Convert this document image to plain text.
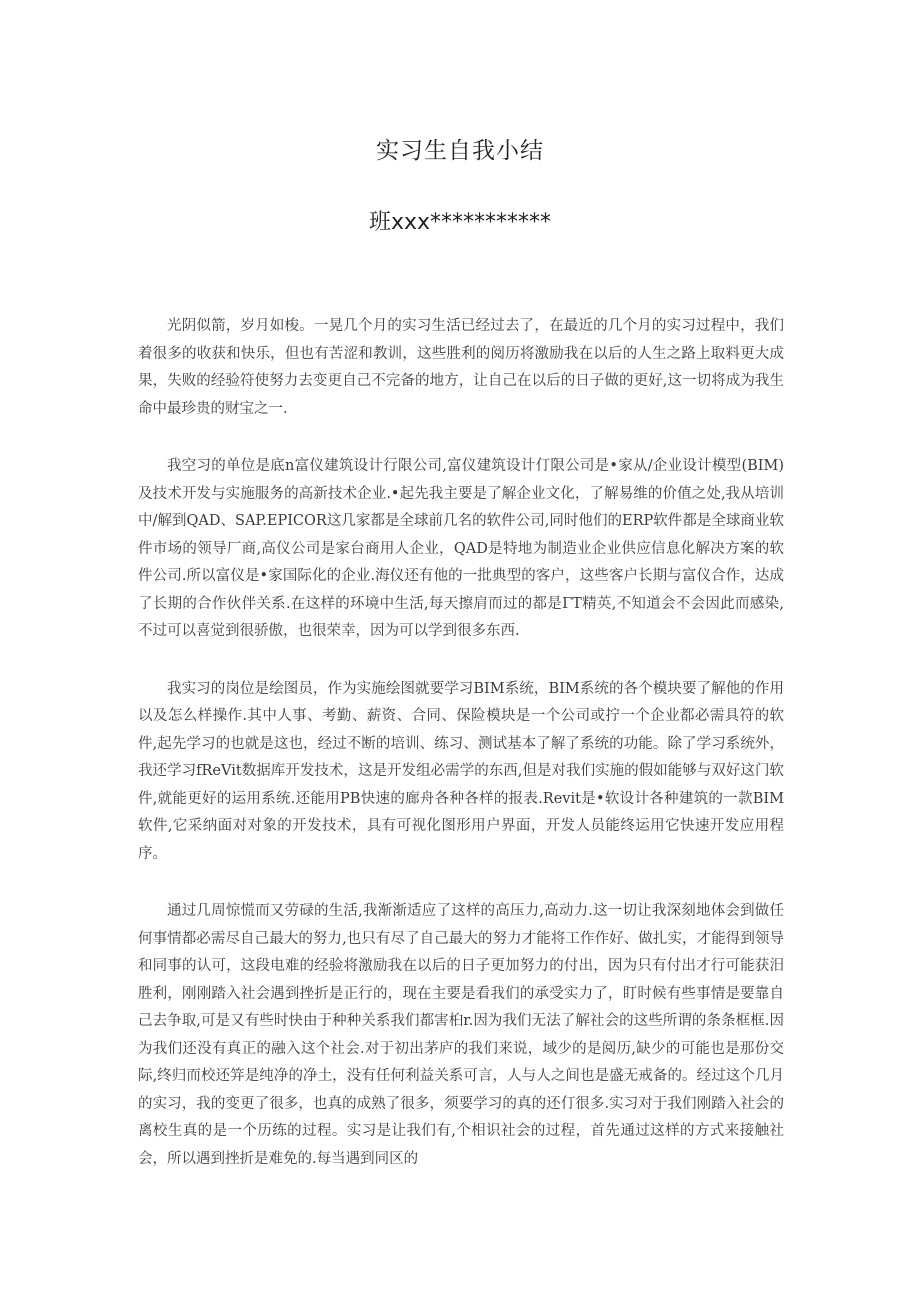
实习生自我小结
班xxx***********

光阴似箭，岁月如梭。一晃几个月的实习生活已经过去了，在最近的几个月的实习过程中，我们着很多的收获和快乐，但也有苦涩和教训，这些胜利的阅历将激励我在以后的人生之路上取料更大成果，失败的经验符使努力去变更自己不完备的地方，让自己在以后的日子做的更好,这一切将成为我生命中最珍贵的财宝之一.

我空习的单位是底n富仪建筑设计行限公司,富仪建筑设计仃限公司是•家从/企业设计模型(BIM)及技术开发与实施服务的高新技术企业.•起先我主要是了解企业文化，了解易维的价值之处,我从培训中/解到QAD、SAP.EPICOR这几家都是全球前几名的软件公司,同时他们的ERP软件都是全球商业软件市场的领导厂商,高仪公司是家台商用人企业，QAD是特地为制造业企业供应信息化解决方案的软件公司.所以富仪是•家国际化的企业.海仪还有他的一批典型的客户，这些客户长期与富仪合作，达成了长期的合作伙伴关系.在这样的环境中生活,每天擦肩而过的都是ΓΤ精英,不知道会不会因此而感染,不过可以喜觉到很骄傲，也很荣幸，因为可以学到很多东西.

我实习的岗位是绘图员，作为实施绘图就要学习BIM系统，BIM系统的各个模块要了解他的作用以及怎么样操作.其中人事、考勤、薪资、合同、保险模块是一个公司或拧一个企业都必需具符的软件,起先学习的也就是这也，经过不断的培训、练习、测试基本了解了系统的功能。除了学习系统外，我还学习fReVit数据库开发技术，这是开发组必需学的东西,但是对我们实施的假如能够与双好这门软件,就能更好的运用系统.还能用PB快速的廊舟各种各样的报表.Revit是•软设计各种建筑的一款BIM软件,它采纳面对对象的开发技术，具有可视化图形用户界面，开发人员能终运用它快速开发应用程序。

通过几周惊慌而又劳碌的生活,我渐渐适应了这样的高压力,高动力.这一切让我深刻地体会到做任何事情都必需尽自己最大的努力,也只有尽了自己最大的努力才能将工作作好、做扎实，才能得到领导和同事的认可，这段电难的经验将激励我在以后的日子更加努力的付出，因为只有付出才行可能获汨胜利，刚刚踏入社会遇到挫折是正行的，现在主要是看我们的承受实力了，盯时候有些事情是要靠自己去争取,可是又有些时快由于种种关系我们都害桕r.因为我们无法了解社会的这些所谓的条条框框.因为我们还没有真正的融入这个社会.对于初出茅庐的我们来说，域少的是阅历,缺少的可能也是那份交际,终归而校还笄是纯净的净土，没有任何利益关系可言，人与人之间也是盛无戒备的。经过这个几月的实习，我的变更了很多，也真的成熟了很多，须要学习的真的还仃很多.实习对于我们刚踏入社会的离校生真的是一个历练的过程。实习是让我们有,个相识社会的过程，首先通过这样的方式来接触社会，所以遇到挫折是难免的.每当遇到同区的
